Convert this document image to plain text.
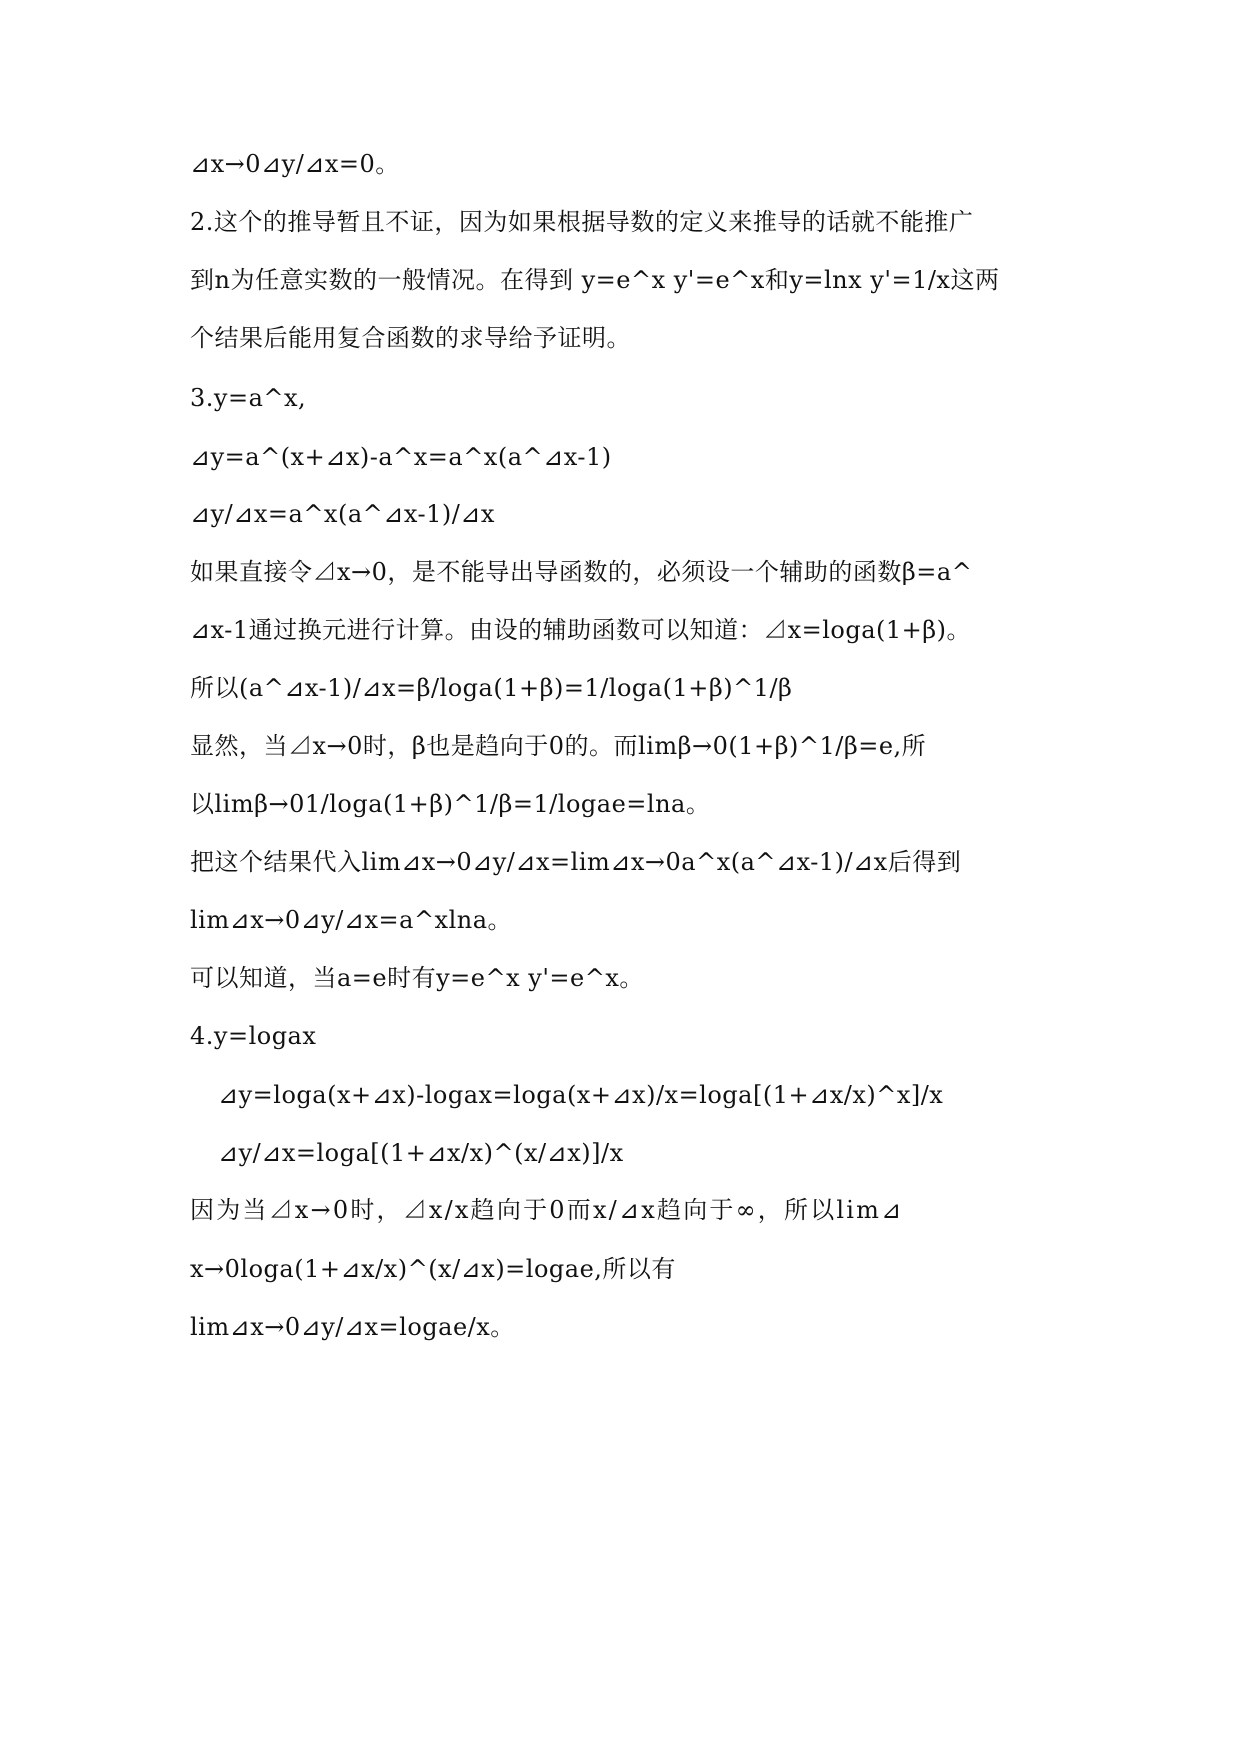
⊿x→0⊿y/⊿x=0。
2.这个的推导暂且不证，因为如果根据导数的定义来推导的话就不能推广
到n为任意实数的一般情况。在得到 y=e^x y'=e^x和y=lnx y'=1/x这两
个结果后能用复合函数的求导给予证明。
3.y=a^x,
⊿y=a^(x+⊿x)-a^x=a^x(a^⊿x-1)
⊿y/⊿x=a^x(a^⊿x-1)/⊿x
如果直接令⊿x→0，是不能导出导函数的，必须设一个辅助的函数β=a^
⊿x-1通过换元进行计算。由设的辅助函数可以知道：⊿x=loga(1+β)。
所以(a^⊿x-1)/⊿x=β/loga(1+β)=1/loga(1+β)^1/β
显然，当⊿x→0时，β也是趋向于0的。而limβ→0(1+β)^1/β=e,所
以limβ→01/loga(1+β)^1/β=1/logae=lna。
把这个结果代入lim⊿x→0⊿y/⊿x=lim⊿x→0a^x(a^⊿x-1)/⊿x后得到
lim⊿x→0⊿y/⊿x=a^xlna。
可以知道，当a=e时有y=e^x y'=e^x。
4.y=logax
⊿y=loga(x+⊿x)-logax=loga(x+⊿x)/x=loga[(1+⊿x/x)^x]/x
⊿y/⊿x=loga[(1+⊿x/x)^(x/⊿x)]/x
因为当⊿x→0时，⊿x/x趋向于0而x/⊿x趋向于∞，所以lim⊿
x→0loga(1+⊿x/x)^(x/⊿x)=logae,所以有
lim⊿x→0⊿y/⊿x=logae/x。
